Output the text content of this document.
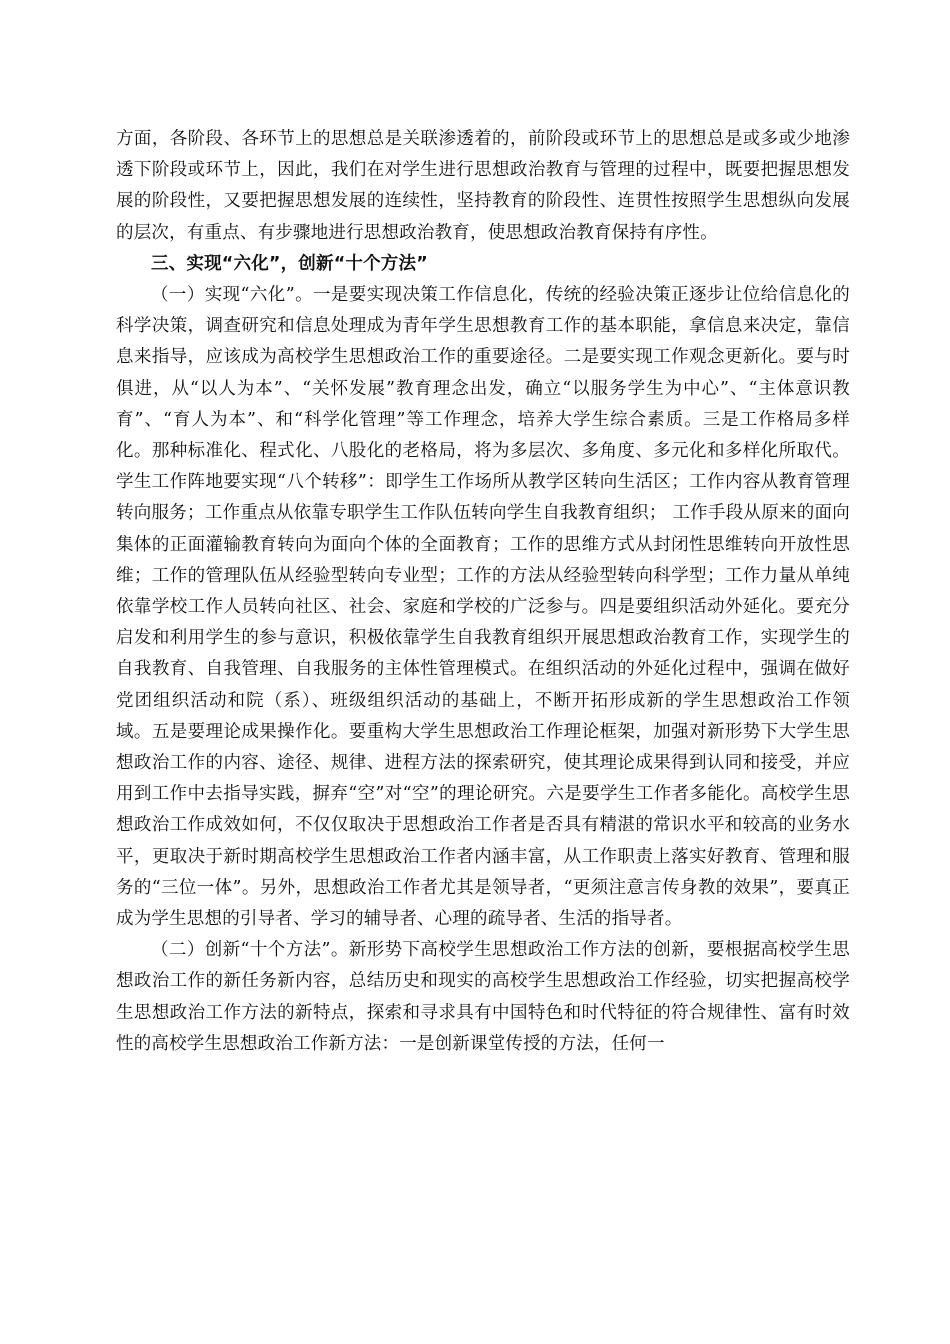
方面，各阶段、各环节上的思想总是关联渗透着的，前阶段或环节上的思想总是或多或少地渗透下阶段或环节上，因此，我们在对学生进行思想政治教育与管理的过程中，既要把握思想发展的阶段性，又要把握思想发展的连续性，坚持教育的阶段性、连贯性按照学生思想纵向发展的层次，有重点、有步骤地进行思想政治教育，使思想政治教育保持有序性。

三、实现“六化”，创新“十个方法”

（一）实现“六化”。一是要实现决策工作信息化，传统的经验决策正逐步让位给信息化的科学决策，调查研究和信息处理成为青年学生思想教育工作的基本职能，拿信息来决定，靠信息来指导，应该成为高校学生思想政治工作的重要途径。二是要实现工作观念更新化。要与时俱进，从“以人为本”、“关怀发展”教育理念出发，确立“以服务学生为中心”、“主体意识教育”、“育人为本”、和“科学化管理”等工作理念，培养大学生综合素质。三是工作格局多样化。那种标准化、程式化、八股化的老格局，将为多层次、多角度、多元化和多样化所取代。学生工作阵地要实现“八个转移”：即学生工作场所从教学区转向生活区；工作内容从教育管理转向服务；工作重点从依靠专职学生工作队伍转向学生自我教育组织； 工作手段从原来的面向集体的正面灌输教育转向为面向个体的全面教育；工作的思维方式从封闭性思维转向开放性思维；工作的管理队伍从经验型转向专业型；工作的方法从经验型转向科学型；工作力量从单纯依靠学校工作人员转向社区、社会、家庭和学校的广泛参与。四是要组织活动外延化。要充分启发和利用学生的参与意识，积极依靠学生自我教育组织开展思想政治教育工作，实现学生的自我教育、自我管理、自我服务的主体性管理模式。在组织活动的外延化过程中，强调在做好党团组织活动和院（系）、班级组织活动的基础上，不断开拓形成新的学生思想政治工作领域。五是要理论成果操作化。要重构大学生思想政治工作理论框架，加强对新形势下大学生思想政治工作的内容、途径、规律、进程方法的探索研究，使其理论成果得到认同和接受，并应用到工作中去指导实践，摒弃“空”对“空”的理论研究。六是要学生工作者多能化。高校学生思想政治工作成效如何，不仅仅取决于思想政治工作者是否具有精湛的常识水平和较高的业务水平，更取决于新时期高校学生思想政治工作者内涵丰富，从工作职责上落实好教育、管理和服务的“三位一体”。另外，思想政治工作者尤其是领导者，“更须注意言传身教的效果”，要真正成为学生思想的引导者、学习的辅导者、心理的疏导者、生活的指导者。

（二）创新“十个方法”。新形势下高校学生思想政治工作方法的创新，要根据高校学生思想政治工作的新任务新内容，总结历史和现实的高校学生思想政治工作经验，切实把握高校学生思想政治工作方法的新特点，探索和寻求具有中国特色和时代特征的符合规律性、富有时效性的高校学生思想政治工作新方法：一是创新课堂传授的方法，任何一
